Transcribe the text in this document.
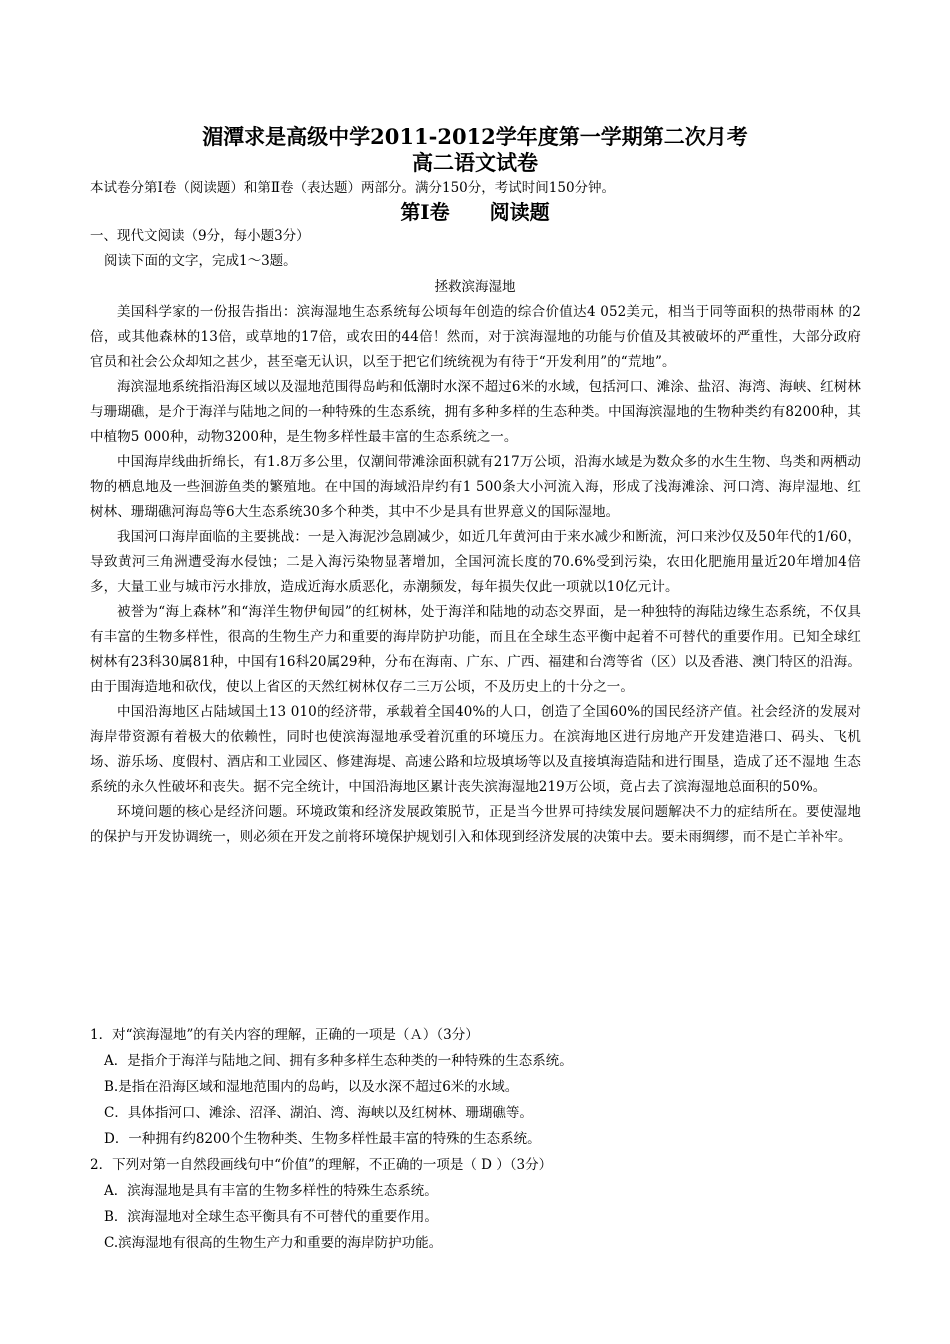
湄潭求是高级中学2011-2012学年度第一学期第二次月考
高二语文试卷
本试卷分第Ⅰ卷（阅读题）和第Ⅱ卷（表达题）两部分。满分150分，考试时间150分钟。
第Ⅰ卷　　阅读题
一、现代文阅读（9分，每小题3分）
阅读下面的文字，完成1～3题。
拯救滨海湿地

美国科学家的一份报告指出：滨海湿地生态系统每公顷每年创造的综合价值达4 052美元，相当于同等面积的热带雨林 的2倍，或其他森林的13倍，或草地的17倍，或农田的44倍！然而，对于滨海湿地的功能与价值及其被破坏的严重性，大部分政府官员和社会公众却知之甚少，甚至毫无认识，以至于把它们统统视为有待于“开发利用”的“荒地”。

海滨湿地系统指沿海区域以及湿地范围得岛屿和低潮时水深不超过6米的水域，包括河口、滩涂、盐沼、海湾、海峡、红树林与珊瑚礁，是介于海洋与陆地之间的一种特殊的生态系统，拥有多种多样的生态种类。中国海滨湿地的生物种类约有8200种，其中植物5 000种，动物3200种，是生物多样性最丰富的生态系统之一。

中国海岸线曲折绵长，有1.8万多公里，仅潮间带滩涂面积就有217万公顷，沿海水域是为数众多的水生生物、鸟类和两栖动物的栖息地及一些洄游鱼类的繁殖地。在中国的海域沿岸约有1 500条大小河流入海，形成了浅海滩涂、河口湾、海岸湿地、红树林、珊瑚礁河海岛等6大生态系统30多个种类，其中不少是具有世界意义的国际湿地。

我国河口海岸面临的主要挑战：一是入海泥沙急剧减少，如近几年黄河由于来水减少和断流，河口来沙仅及50年代的1/60，导致黄河三角洲遭受海水侵蚀；二是入海污染物显著增加，全国河流长度的70.6%受到污染，农田化肥施用量近20年增加4倍多，大量工业与城市污水排放，造成近海水质恶化，赤潮频发，每年损失仅此一项就以10亿元计。

被誉为“海上森林”和“海洋生物伊甸园”的红树林，处于海洋和陆地的动态交界面，是一种独特的海陆边缘生态系统，不仅具有丰富的生物多样性，很高的生物生产力和重要的海岸防护功能，而且在全球生态平衡中起着不可替代的重要作用。已知全球红树林有23科30属81种，中国有16科20属29种，分布在海南、广东、广西、福建和台湾等省（区）以及香港、澳门特区的沿海。由于围海造地和砍伐，使以上省区的天然红树林仅存二三万公顷，不及历史上的十分之一。

中国沿海地区占陆域国土13 010的经济带，承载着全国40%的人口，创造了全国60%的国民经济产值。社会经济的发展对海岸带资源有着极大的依赖性，同时也使滨海湿地承受着沉重的环境压力。在滨海地区进行房地产开发建造港口、码头、飞机场、游乐场、度假村、酒店和工业园区、修建海堤、高速公路和垃圾填场等以及直接填海造陆和进行围垦，造成了还不湿地 生态系统的永久性破坏和丧失。据不完全统计，中国沿海地区累计丧失滨海湿地219万公顷，竟占去了滨海湿地总面积的50%。

环境问题的核心是经济问题。环境政策和经济发展政策脱节，正是当今世界可持续发展问题解决不力的症结所在。要使湿地的保护与开发协调统一，则必须在开发之前将环境保护规划引入和体现到经济发展的决策中去。要未雨绸缪，而不是亡羊补牢。

1．对“滨海湿地”的有关内容的理解，正确的一项是（Ａ）（3分）

A．是指介于海洋与陆地之间、拥有多种多样生态种类的一种特殊的生态系统。

B.是指在沿海区域和湿地范围内的岛屿，以及水深不超过6米的水域。

C．具体指河口、滩涂、沼泽、湖泊、湾、海峡以及红树林、珊瑚礁等。

D．一种拥有约8200个生物种类、生物多样性最丰富的特殊的生态系统。

2．下列对第一自然段画线句中“价值”的理解，不正确的一项是（ D ）（3分）

A．滨海湿地是具有丰富的生物多样性的特殊生态系统。

B．滨海湿地对全球生态平衡具有不可替代的重要作用。

C.滨海湿地有很高的生物生产力和重要的海岸防护功能。
